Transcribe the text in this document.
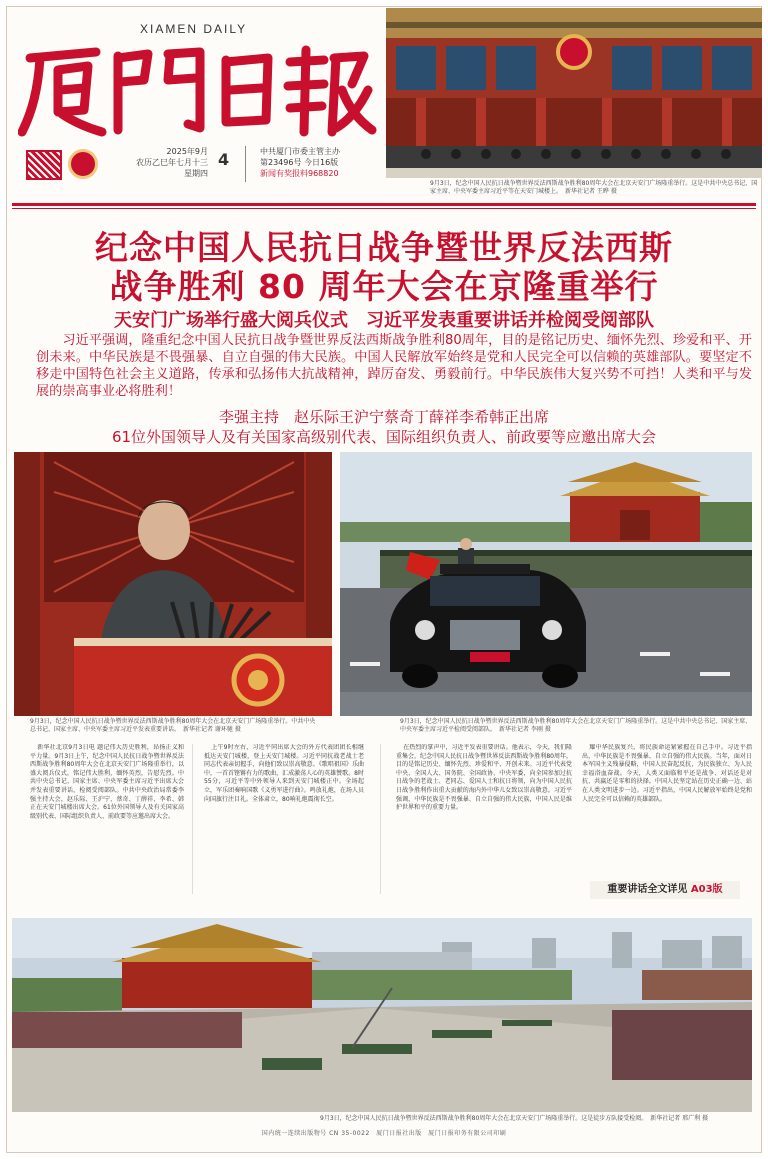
XIAMEN DAILY
2025年9月
农历乙巳年七月十三
星期四
4	中共厦门市委主管主办
第23496号 今日16版
新闻有奖报料968820
9月3日，纪念中国人民抗日战争暨世界反法西斯战争胜利80周年大会在北京天安门广场隆重举行。这是中共中央总书记、国家主席、中央军委主席习近平等在天安门城楼上。　新华社记者 王晔 摄
纪念中国人民抗日战争暨世界反法西斯
战争胜利 80 周年大会在京隆重举行
天安门广场举行盛大阅兵仪式　习近平发表重要讲话并检阅受阅部队
习近平强调，隆重纪念中国人民抗日战争暨世界反法西斯战争胜利80周年，目的是铭记历史、缅怀先烈、珍爱和平、开创未来。中华民族是不畏强暴、自立自强的伟大民族。中国人民解放军始终是党和人民完全可以信赖的英雄部队。要坚定不移走中国特色社会主义道路，传承和弘扬伟大抗战精神，踔厉奋发、勇毅前行。中华民族伟大复兴势不可挡！人类和平与发展的崇高事业必将胜利！
李强主持　赵乐际王沪宁蔡奇丁薛祥李希韩正出席
61位外国领导人及有关国家高级别代表、国际组织负责人、前政要等应邀出席大会
9月3日，纪念中国人民抗日战争暨世界反法西斯战争胜利80周年大会在北京天安门广场隆重举行。中共中央总书记、国家主席、中央军委主席习近平发表重要讲话。　新华社记者 谢环驰 摄
9月3日，纪念中国人民抗日战争暨世界反法西斯战争胜利80周年大会在北京天安门广场隆重举行。这是中共中央总书记、国家主席、中央军委主席习近平检阅受阅部队。　新华社记者 李刚 摄
新华社北京9月3日电 题记伟大历史胜利，昂扬正义和平力量。9月3日上午，纪念中国人民抗日战争暨世界反法西斯战争胜利80周年大会在北京天安门广场隆重举行，以盛大阅兵仪式，铭记伟大胜利，缅怀英烈，告慰先烈。中共中央总书记、国家主席、中央军委主席习近平出席大会并发表重要讲话，检阅受阅部队。中共中央政治局常委李强主持大会，赵乐际、王沪宁、蔡奇、丁薛祥、李希、韩正在天安门城楼出席大会。61位外国领导人及有关国家高级别代表、国际组织负责人、前政要等应邀出席大会。
上午9时左右，习近平同出席大会的外方代表团团长相继抵达天安门城楼，登上天安门城楼。习近平同抗战老战士老同志代表亲切握手，向他们致以崇高敬意。《歌唱祖国》乐曲中，一首首铿锵有力的歌曲，汇成激荡人心的英雄赞歌。8时55分，习近平等中外领导人来到天安门城楼正中。全场起立，军乐团奏响国歌《义勇军进行曲》。鸣放礼炮，在场人员向国旗行注目礼。全体肃立，80响礼炮震彻长空。
在热烈的掌声中，习近平发表重要讲话。他表示，今天，我们隆重集会，纪念中国人民抗日战争暨世界反法西斯战争胜利80周年，目的是铭记历史、缅怀先烈、珍爱和平、开创未来。习近平代表党中央、全国人大、国务院、全国政协、中央军委，向全国参加过抗日战争的老战士、老同志、爱国人士和抗日将领，向为中国人民抗日战争胜利作出重大贡献的海内外中华儿女致以崇高敬意。习近平强调，中华民族是不畏强暴、自立自强的伟大民族，中国人民是维护世界和平的重要力量。
耀中华民族复兴，将民族命运紧紧握在自己手中。习近平指出，中华民族是不畏强暴、自立自强的伟大民族。当年，面对日本军国主义残暴侵略，中国人民奋起反抗，为民族独立、为人民幸福浴血奋战。今天，人类又面临和平还是战争、对话还是对抗、共赢还是零和的抉择。中国人民坚定站在历史正确一边、站在人类文明进步一边。习近平指出，中国人民解放军始终是党和人民完全可以信赖的英雄部队。
重要讲话全文详见 A03版
9月3日，纪念中国人民抗日战争暨世界反法西斯战争胜利80周年大会在北京天安门广场隆重举行。这是徒步方队接受检阅。　新华社记者 邢广利 摄
国内统一连续出版物号 CN 35-0022　厦门日报社出版　厦门日报印务有限公司印刷
